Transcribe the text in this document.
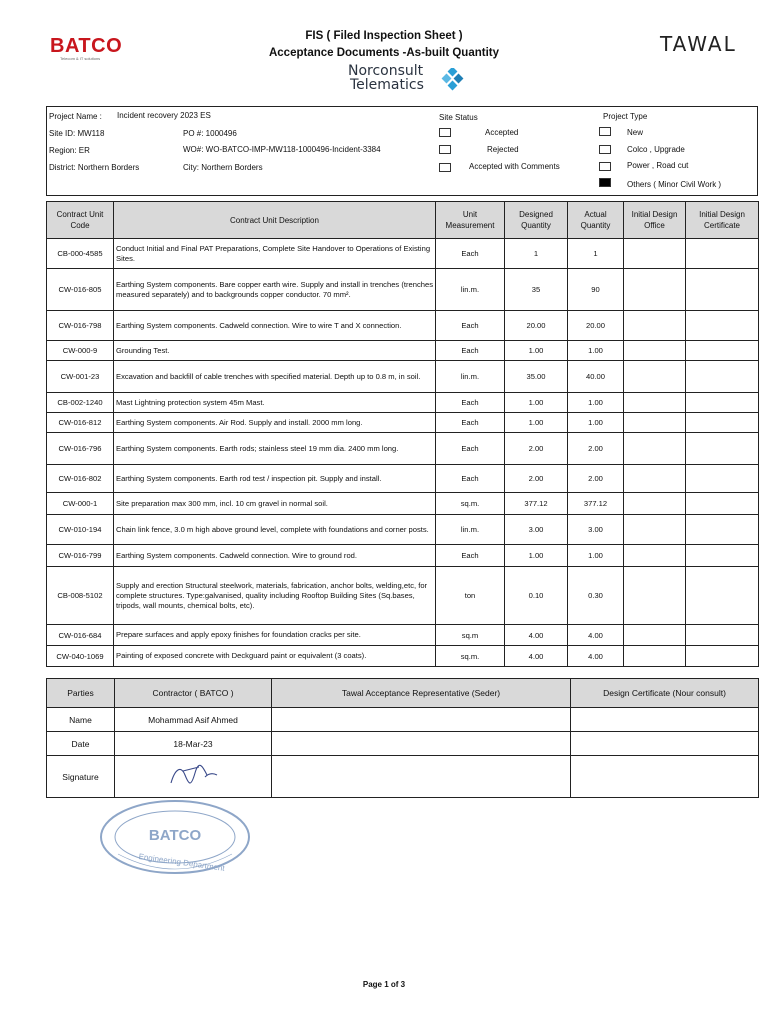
BATCO
Telecom & IT solutions
FIS ( Filed Inspection Sheet )
Acceptance Documents -As-built Quantity
Norconsult
Telematics
TAWAL
Project Name : Incident recovery 2023 ES
Site ID: MW118	PO #: 1000496
Region: ER	WO#: WO-BATCO-IMP-MW118-1000496-Incident-3384
District: Northern Borders	City: Northern Borders
Site Status
Accepted
Rejected
Accepted with Comments
Project Type
New
Colco , Upgrade
Power , Road cut
Others ( Minor Civil Work )
Contract Unit Code	Contract Unit Description	Unit Measurement	Designed Quantity	Actual Quantity	Initial Design Office	Initial Design Certificate
CB-000-4585	Conduct Initial and Final PAT Preparations, Complete Site Handover to Operations of Existing Sites.	Each	1	1		
CW-016-805	Earthing System components. Bare copper earth wire. Supply and install in trenches (trenches measured separately) and to backgrounds copper conductor. 70 mm².	lin.m.	35	90		
CW-016-798	Earthing System components. Cadweld connection. Wire to wire T and X connection.	Each	20.00	20.00		
CW-000-9	Grounding Test.	Each	1.00	1.00		
CW-001-23	Excavation and backfill of cable trenches with specified material. Depth up to 0.8 m, in soil.	lin.m.	35.00	40.00		
CB-002-1240	Mast Lightning protection system 45m Mast.	Each	1.00	1.00		
CW-016-812	Earthing System components. Air Rod. Supply and install. 2000 mm long.	Each	1.00	1.00		
CW-016-796	Earthing System components. Earth rods; stainless steel 19 mm dia. 2400 mm long.	Each	2.00	2.00		
CW-016-802	Earthing System components. Earth rod test / inspection pit. Supply and install.	Each	2.00	2.00		
CW-000-1	Site preparation max 300 mm, incl. 10 cm gravel in normal soil.	sq.m.	377.12	377.12		
CW-010-194	Chain link fence, 3.0 m high above ground level, complete with foundations and corner posts.	lin.m.	3.00	3.00		
CW-016-799	Earthing System components. Cadweld connection. Wire to ground rod.	Each	1.00	1.00		
CB-008-5102	Supply and erection Structural steelwork, materials, fabrication, anchor bolts, welding,etc, for complete structures. Type:galvanised, quality including Rooftop Building Sites (Sq.bases, tripods, wall mounts, chemical bolts, etc).	ton	0.10	0.30		
CW-016-684	Prepare surfaces and apply epoxy finishes for foundation cracks per site.	sq.m	4.00	4.00		
CW-040-1069	Painting of exposed concrete with Deckguard paint or equivalent (3 coats).	sq.m.	4.00	4.00		
Parties	Contractor ( BATCO )	Tawal Acceptance Representative (Seder)	Design Certificate (Nour consult)
Name	Mohammad Asif Ahmed		
Date	18-Mar-23		
Signature			
BATCO
Engineering Department
Page 1 of 3
